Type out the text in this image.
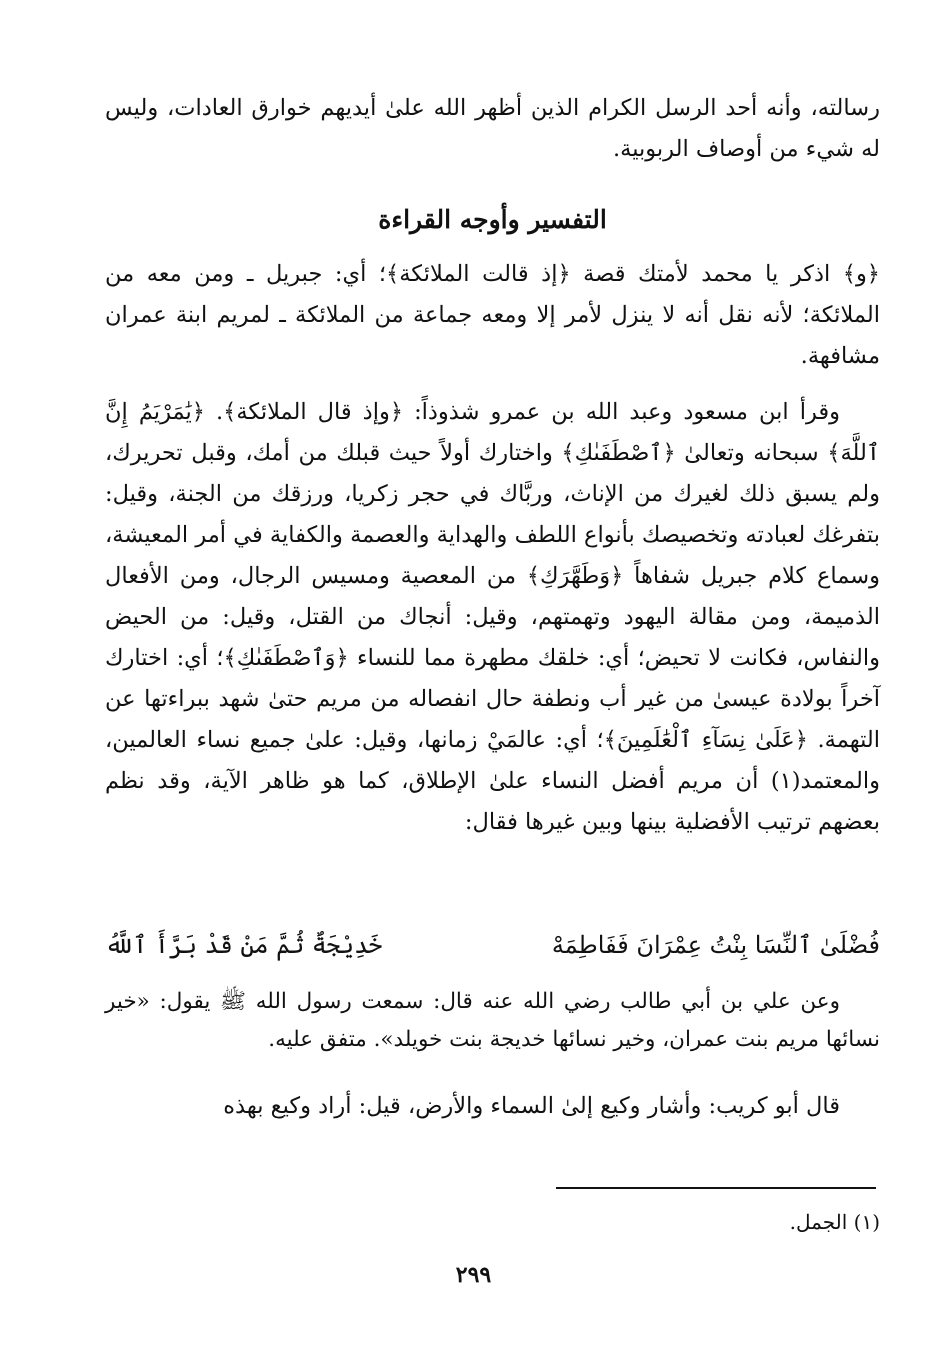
رسالته، وأنه أحد الرسل الكرام الذين أظهر الله علىٰ أيديهم خوارق العادات، وليس له شيء من أوصاف الربوبية.

التفسير وأوجه القراءة

﴿و﴾ اذكر يا محمد لأمتك قصة ﴿إذ قالت الملائكة﴾؛ أي: جبريل ـ ومن معه من الملائكة؛ لأنه نقل أنه لا ينزل لأمر إلا ومعه جماعة من الملائكة ـ لمريم ابنة عمران مشافهة.

وقرأ ابن مسعود وعبد الله بن عمرو شذوذاً: ﴿وإذ قال الملائكة﴾. ﴿يَٰمَرْيَمُ إِنَّ ٱللَّهَ﴾ سبحانه وتعالىٰ ﴿ٱصْطَفَىٰكِ﴾ واختارك أولاً حيث قبلك من أمك، وقبل تحريرك، ولم يسبق ذلك لغيرك من الإناث، وربَّاك في حجر زكريا، ورزقك من الجنة، وقيل: بتفرغك لعبادته وتخصيصك بأنواع اللطف والهداية والعصمة والكفاية في أمر المعيشة، وسماع كلام جبريل شفاهاً ﴿وَطَهَّرَكِ﴾ من المعصية ومسيس الرجال، ومن الأفعال الذميمة، ومن مقالة اليهود وتهمتهم، وقيل: أنجاك من القتل، وقيل: من الحيض والنفاس، فكانت لا تحيض؛ أي: خلقك مطهرة مما للنساء ﴿وَٱصْطَفَىٰكِ﴾؛ أي: اختارك آخراً بولادة عيسىٰ من غير أب ونطفة حال انفصاله من مريم حتىٰ شهد ببراءتها عن التهمة. ﴿عَلَىٰ نِسَآءِ ٱلْعَٰلَمِينَ﴾؛ أي: عالمَيْ زمانها، وقيل: علىٰ جميع نساء العالمين، والمعتمد(١) أن مريم أفضل النساء علىٰ الإطلاق، كما هو ظاهر الآية، وقد نظم بعضهم ترتيب الأفضلية بينها وبين غيرها فقال:

فُضْلَىٰ ٱلنِّسَا بِنْتُ عِمْرَانَ فَفَاطِمَهْ
خَدِيْجَةٌ ثُمَّ مَنْ قَدْ بَرَّأَ ٱللَّهُ

وعن علي بن أبي طالب رضي الله عنه قال: سمعت رسول الله ﷺ يقول: «خير نسائها مريم بنت عمران، وخير نسائها خديجة بنت خويلد». متفق عليه.

قال أبو كريب: وأشار وكيع إلىٰ السماء والأرض، قيل: أراد وكيع بهذه

(١) الجمل.
٢٩٩
